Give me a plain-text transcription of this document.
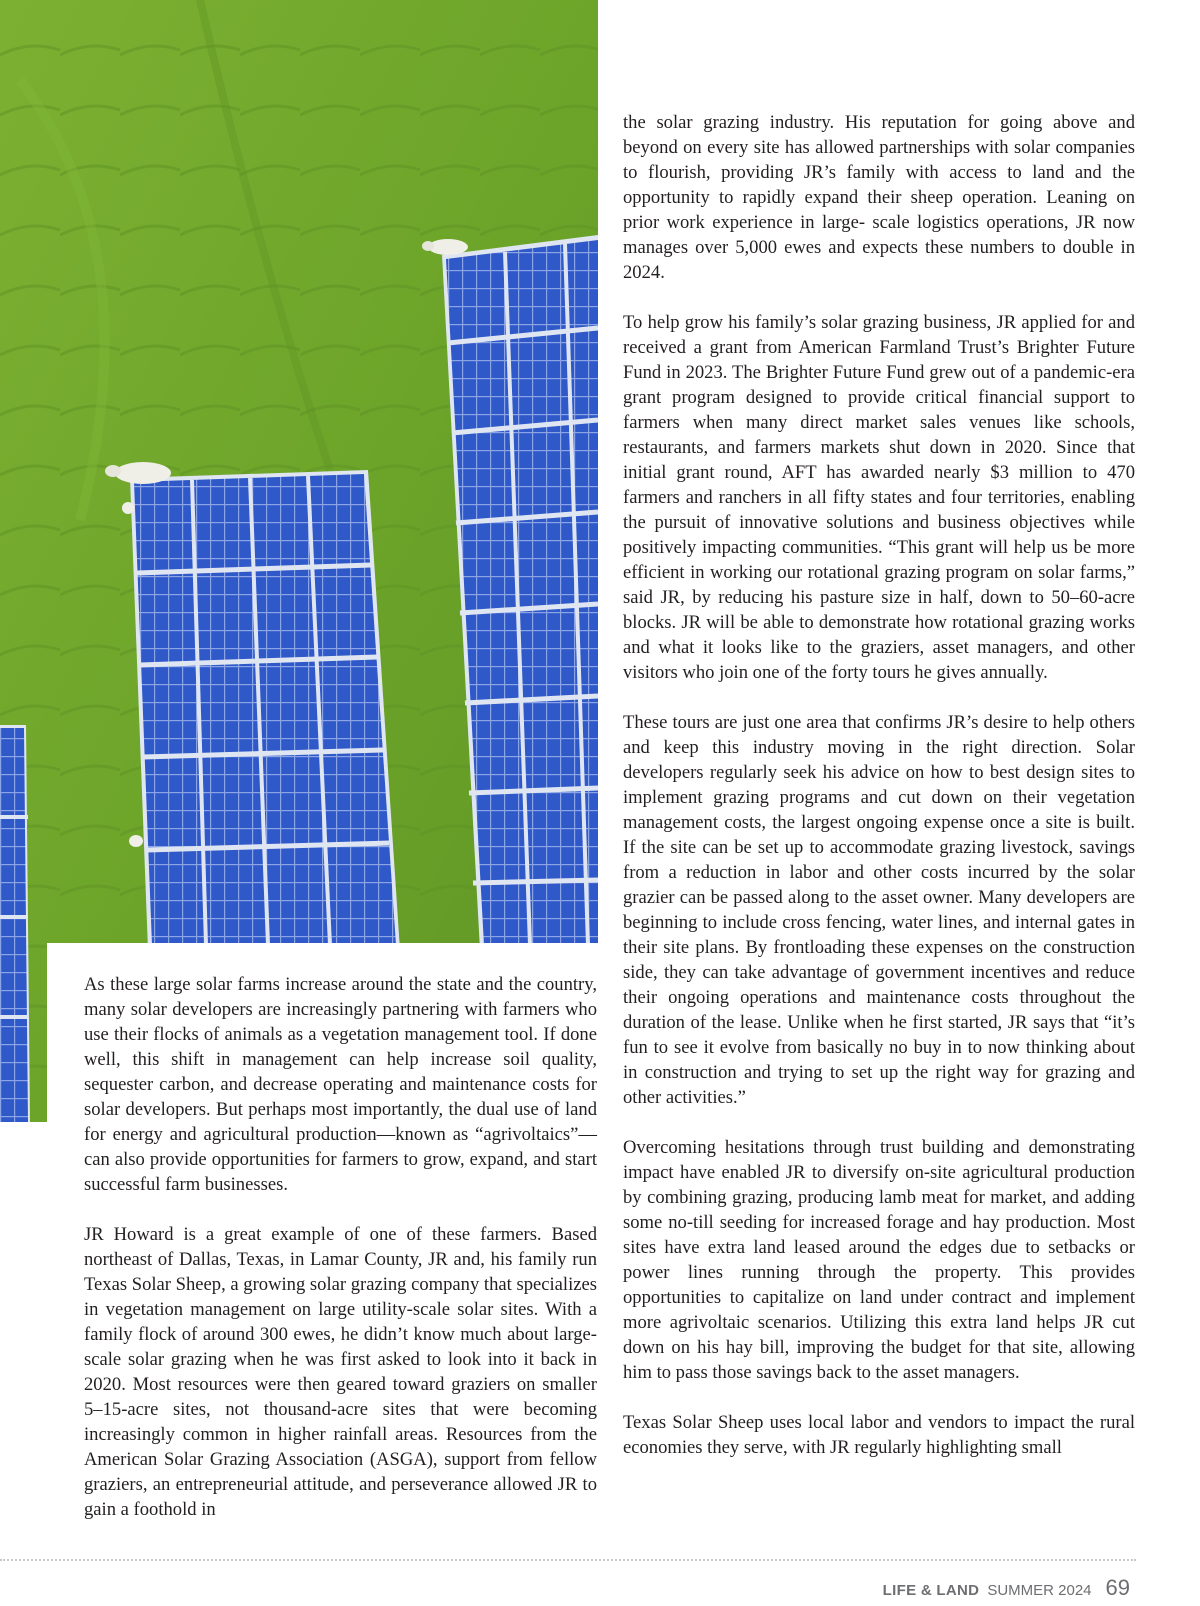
the solar grazing industry. His reputation for going above and beyond on every site has allowed partnerships with solar companies to flourish, providing JR’s family with access to land and the opportunity to rapidly expand their sheep operation. Leaning on prior work experience in large- scale logistics operations, JR now manages over 5,000 ewes and expects these numbers to double in 2024.

To help grow his family’s solar grazing business, JR applied for and received a grant from American Farmland Trust’s Brighter Future Fund in 2023. The Brighter Future Fund grew out of a pandemic-era grant program designed to provide critical financial support to farmers when many direct market sales venues like schools, restaurants, and farmers markets shut down in 2020. Since that initial grant round, AFT has awarded nearly $3 million to 470 farmers and ranchers in all fifty states and four territories, enabling the pursuit of innovative solutions and business objectives while positively impacting communities. “This grant will help us be more efficient in working our rotational grazing program on solar farms,” said JR, by reducing his pasture size in half, down to 50–60-acre blocks. JR will be able to demonstrate how rotational grazing works and what it looks like to the graziers, asset managers, and other visitors who join one of the forty tours he gives annually.

These tours are just one area that confirms JR’s desire to help others and keep this industry moving in the right direction. Solar developers regularly seek his advice on how to best design sites to implement grazing programs and cut down on their vegetation management costs, the largest ongoing expense once a site is built. If the site can be set up to accommodate grazing livestock, savings from a reduction in labor and other costs incurred by the solar grazier can be passed along to the asset owner. Many developers are beginning to include cross fencing, water lines, and internal gates in their site plans. By frontloading these expenses on the construction side, they can take advantage of government incentives and reduce their ongoing operations and maintenance costs throughout the duration of the lease. Unlike when he first started, JR says that “it’s fun to see it evolve from basically no buy in to now thinking about in construction and trying to set up the right way for grazing and other activities.”

Overcoming hesitations through trust building and demonstrating impact have enabled JR to diversify on-site agricultural production by combining grazing, producing lamb meat for market, and adding some no-till seeding for increased forage and hay production. Most sites have extra land leased around the edges due to setbacks or power lines running through the property. This provides opportunities to capitalize on land under contract and implement more agrivoltaic scenarios. Utilizing this extra land helps JR cut down on his hay bill, improving the budget for that site, allowing him to pass those savings back to the asset managers.

Texas Solar Sheep uses local labor and vendors to impact the rural economies they serve, with JR regularly highlighting small

As these large solar farms increase around the state and the country, many solar developers are increasingly partnering with farmers who use their flocks of animals as a vegetation management tool. If done well, this shift in management can help increase soil quality, sequester carbon, and decrease operating and maintenance costs for solar developers. But perhaps most importantly, the dual use of land for energy and agricultural production—known as “agrivoltaics”—can also provide opportunities for farmers to grow, expand, and start successful farm businesses.

JR Howard is a great example of one of these farmers. Based northeast of Dallas, Texas, in Lamar County, JR and, his family run Texas Solar Sheep, a growing solar grazing company that specializes in vegetation management on large utility-scale solar sites. With a family flock of around 300 ewes, he didn’t know much about large-scale solar grazing when he was first asked to look into it back in 2020. Most resources were then geared toward graziers on smaller 5–15-acre sites, not thousand-acre sites that were becoming increasingly common in higher rainfall areas. Resources from the American Solar Grazing Association (ASGA), support from fellow graziers, an entrepreneurial attitude, and perseverance allowed JR to gain a foothold in

LIFE & LAND SUMMER 2024 69
